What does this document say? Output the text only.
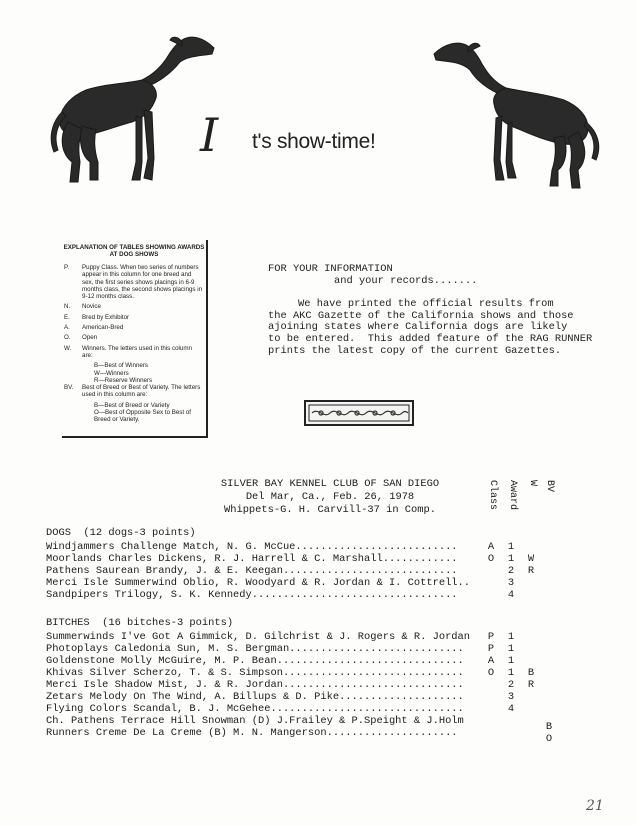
I t's show-time!
EXPLANATION OF TABLES SHOWING AWARDS AT DOG SHOWS
P.	Puppy Class. When two series of numbers appear in this column for one breed and sex, the first series shows placings in 6-9 months class, the second shows placings in 9-12 months class.
N.	Novice
E.	Bred by Exhibitor
A.	American-Bred
O.	Open
W.	Winners. The letters used in this column are:
B—Best of Winners
W—Winners
R—Reserve Winners
BV.	Best of Breed or Best of Variety. The letters used in this column are:
B—Best of Breed or Variety
O—Best of Opposite Sex to Best of Breed or Variety.

FOR YOUR INFORMATION

and your records.......

We have printed the official results from

the AKC Gazette of the California shows and those

ajoining states where California dogs are likely

to be entered.  This added feature of the RAG RUNNER

prints the latest copy of the current Gazettes.

SILVER BAY KENNEL CLUB OF SAN DIEGO
Del Mar, Ca., Feb. 26, 1978
Whippets-G. H. Carvill-37 in Comp.	Class Award W BV
DOGS  (12 dogs-3 points)
Windjammers Challenge Match, N. G. McCue..........................	A 1
Moorlands Charles Dickens, R. J. Harrell & C. Marshall............	O 1 W
Pathens Saurean Brandy, J. & E. Keegan............................	2 R
Merci Isle Summerwind Oblio, R. Woodyard & R. Jordan & I. Cottrell..	3
Sandpipers Trilogy, S. K. Kennedy.................................	4
BITCHES  (16 bitches-3 points)
Summerwinds I've Got A Gimmick, D. Gilchrist & J. Rogers & R. Jordan P 1
Photoplays Caledonia Sun, M. S. Bergman............................ P 1
Goldenstone Molly McGuire, M. P. Bean.............................. A 1
Khivas Silver Scherzo, T. & S. Simpson............................. O 1 B
Merci Isle Shadow Mist, J. & R. Jordan.............................	2 R
Zetars Melody On The Wind, A. Billups & D. Pike....................	3
Flying Colors Scandal, B. J. McGehee...............................	4
Ch. Pathens Terrace Hill Snowman (D) J.Frailey & P.Speight & J.Holm	B
Runners Creme De La Creme (B) M. N. Mangerson.....................	O
21
